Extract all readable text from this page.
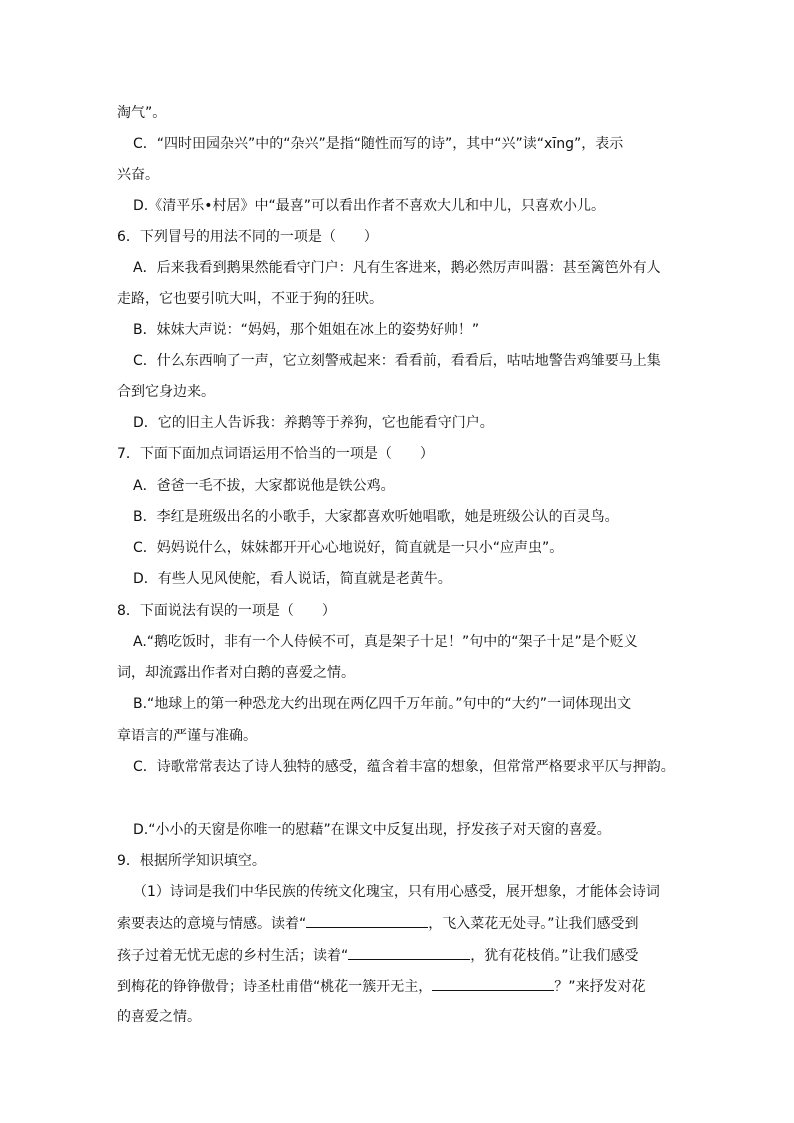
淘气”。
C．“四时田园杂兴”中的“杂兴”是指“随性而写的诗”，其中“兴”读“xīng”，表示
兴奋。
D.《清平乐•村居》中“最喜”可以看出作者不喜欢大儿和中儿，只喜欢小儿。
6．下列冒号的用法不同的一项是（　　）
A．后来我看到鹅果然能看守门户：凡有生客进来，鹅必然厉声叫嚣：甚至篱笆外有人
走路，它也要引吭大叫，不亚于狗的狂吠。
B．妹妹大声说：“妈妈，那个姐姐在冰上的姿势好帅！”
C．什么东西响了一声，它立刻警戒起来：看看前，看看后，咕咕地警告鸡雏要马上集
合到它身边来。
D．它的旧主人告诉我：养鹅等于养狗，它也能看守门户。
7．下面下面加点词语运用不恰当的一项是（　　）
A．爸爸一毛不拔，大家都说他是铁公鸡。
B．李红是班级出名的小歌手，大家都喜欢听她唱歌，她是班级公认的百灵鸟。
C．妈妈说什么，妹妹都开开心心地说好，简直就是一只小“应声虫”。
D．有些人见风使舵，看人说话，简直就是老黄牛。
8．下面说法有误的一项是（　　）
A.“鹅吃饭时，非有一个人侍候不可，真是架子十足！”句中的“架子十足”是个贬义
词，却流露出作者对白鹅的喜爱之情。
B.“地球上的第一种恐龙大约出现在两亿四千万年前。”句中的“大约”一词体现出文
章语言的严谨与准确。
C．诗歌常常表达了诗人独特的感受，蕴含着丰富的想象，但常常严格要求平仄与押韵。
D.“小小的天窗是你唯一的慰藉”在课文中反复出现，抒发孩子对天窗的喜爱。
9．根据所学知识填空。
（1）诗词是我们中华民族的传统文化瑰宝，只有用心感受，展开想象，才能体会诗词
索要表达的意境与情感。读着“	，飞入菜花无处寻。”让我们感受到
孩子过着无忧无虑的乡村生活；读着“	，犹有花枝俏。”让我们感受
到梅花的铮铮傲骨；诗圣杜甫借“桃花一簇开无主，	？”来抒发对花
的喜爱之情。
